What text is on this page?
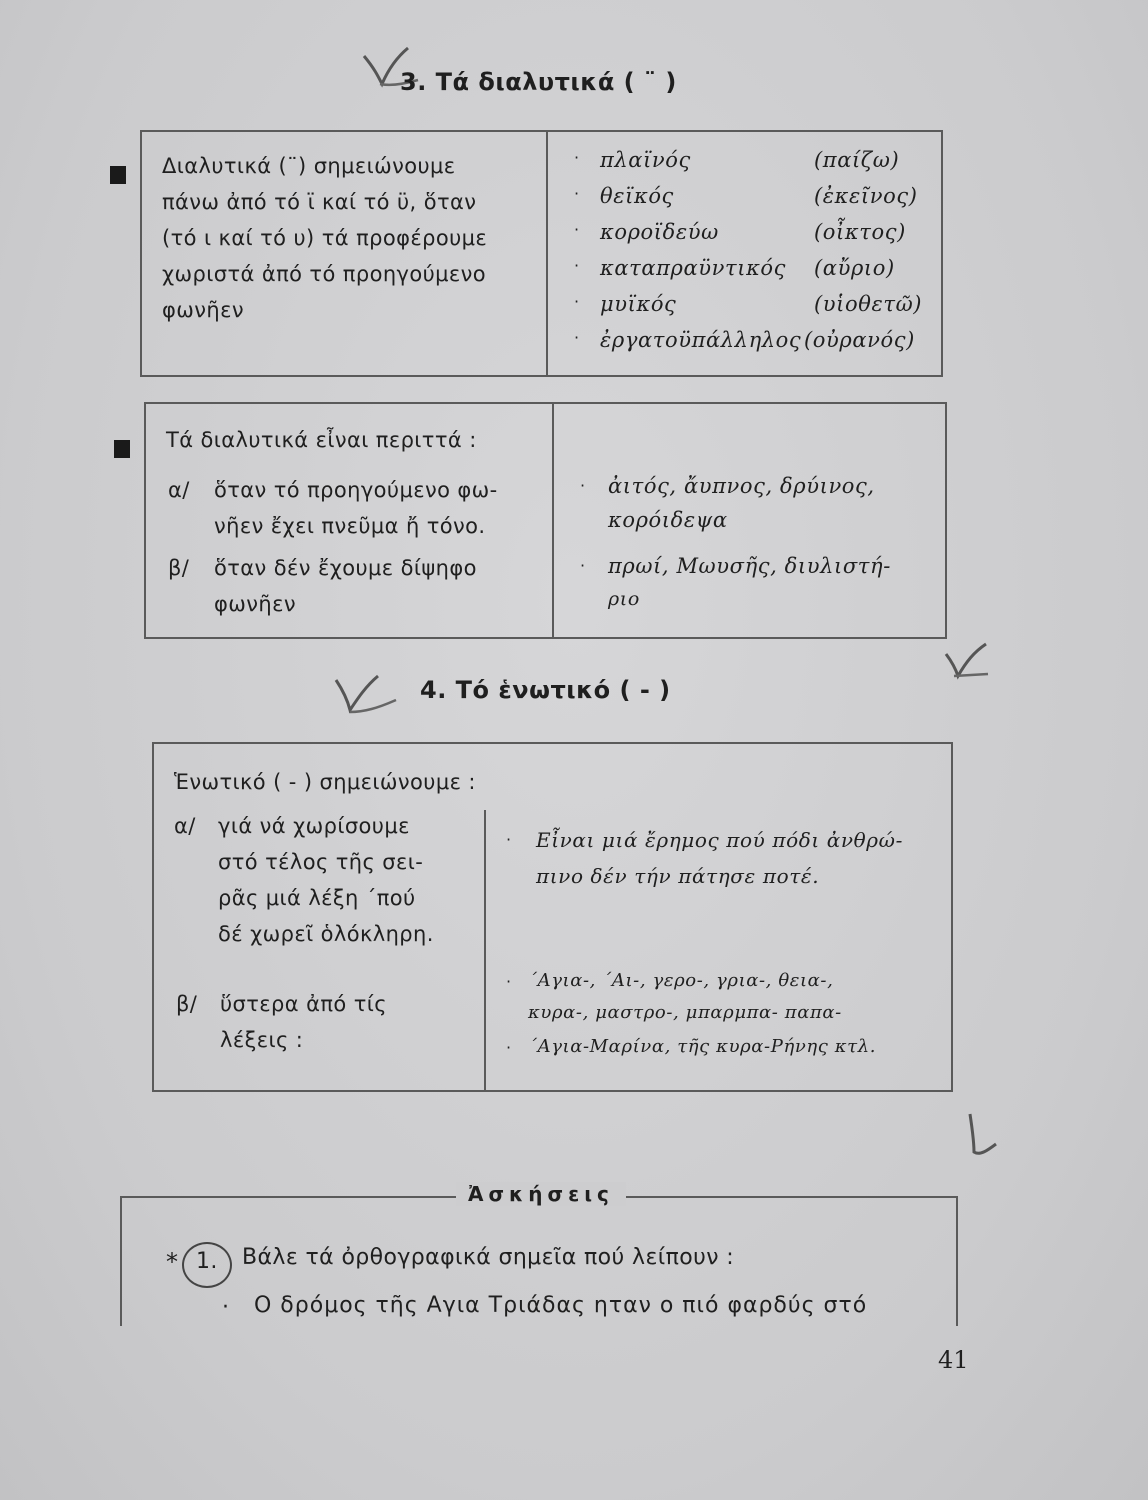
3. Τά διαλυτικά ( ¨ )
Διαλυτικά (¨) σημειώνουμε
πάνω ἀπό τό ϊ καί τό ϋ, ὅταν
(τό ι καί τό υ) τά προφέρουμε
χωριστά ἀπό τό προηγούμενο
φωνῆεν
· πλαϊνός	(παίζω)
· θεϊκός	(ἐκεῖνος)
· κοροϊδεύω	(οἶκτος)
· καταπραϋντικός (αὔριο)
· μυϊκός	(υἱοθετῶ)
· ἐργατοϋπάλληλος (οὐρανός)
Τά διαλυτικά εἶναι περιττά :
α/ ὅταν τό προηγούμενο φω-
νῆεν ἔχει πνεῦμα ἤ τόνο.
β/ ὅταν δέν ἔχουμε δίψηφο
φωνῆεν
· ἀιτός, ἄυπνος, δρύινος,
κορόιδεψα
· πρωί, Μωυσῆς, διυλιστή-
ριο
4. Τό ἑνωτικό ( - )
Ἑνωτικό ( - ) σημειώνουμε :
α/ γιά νά χωρίσουμε
στό τέλος τῆς σει-
ρᾶς μιά λέξη ΄πού
δέ χωρεῖ ὁλόκληρη.
β/ ὕστερα ἀπό τίς
λέξεις :
· Εἶναι μιά ἔρημος πού πόδι ἀνθρώ-
πινο δέν τήν πάτησε ποτέ.
· ΄Αγια-, ΄Αι-, γερο-, γρια-, θεια-,
κυρα-, μαστρο-, μπαρμπα- παπα-
· ΄Αγια-Μαρίνα, τῆς κυρα-Ρήνης κτλ.
Ἀσκήσεις
* 1. Βάλε τά ὀρθογραφικά σημεῖα πού λείπουν :
· Ο δρόμος τῆς Αγια Τριάδας ηταν ο πιό φαρδύς στό
41
